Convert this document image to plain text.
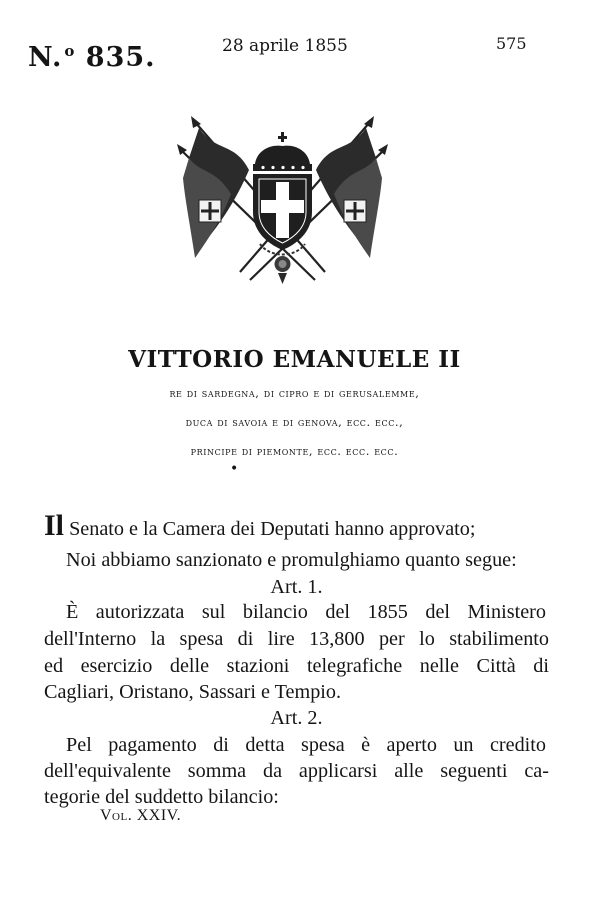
N. $^o$ 835.	28 aprile 1855	575
VITTORIO EMANUELE II
re di sardegna, di cipro e di gerusalemme,
duca di savoia e di genova, ecc. ecc.,
principe di piemonte, ecc. ecc. ecc.
•
Il Senato e la Camera dei Deputati hanno approvato;
Noi abbiamo sanzionato e promulghiamo quanto segue:
Art. 1.
È autorizzata sul bilancio del 1855 del Ministero
dell'Interno la spesa di lire 13,800 per lo stabilimento
ed esercizio delle stazioni telegrafiche nelle Città di
Cagliari, Oristano, Sassari e Tempio.
Art. 2.
Pel pagamento di detta spesa è aperto un credito
dell'equivalente somma da applicarsi alle seguenti ca-
tegorie del suddetto bilancio:
Vol. XXIV.
